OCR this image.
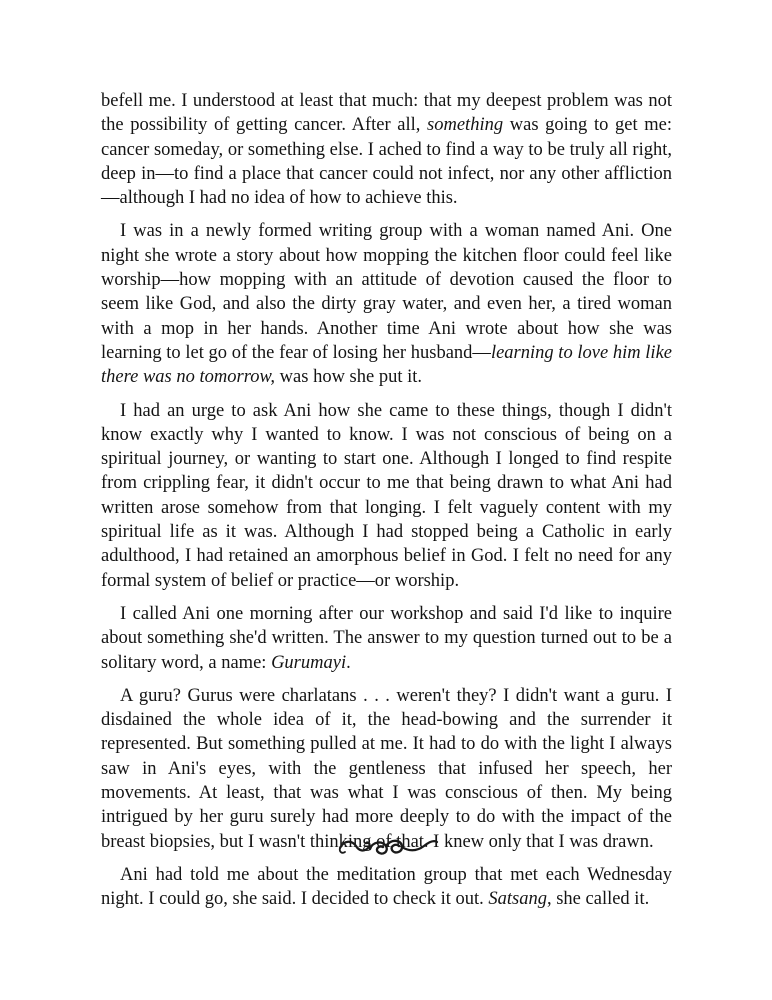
befell me. I understood at least that much: that my deepest problem was not the possibility of getting cancer. After all, something was going to get me: cancer someday, or something else. I ached to find a way to be truly all right, deep in—to find a place that cancer could not infect, nor any other affliction—although I had no idea of how to achieve this.

I was in a newly formed writing group with a woman named Ani. One night she wrote a story about how mopping the kitchen floor could feel like worship—how mopping with an attitude of devotion caused the floor to seem like God, and also the dirty gray water, and even her, a tired woman with a mop in her hands. Another time Ani wrote about how she was learning to let go of the fear of losing her husband—learning to love him like there was no tomorrow, was how she put it.

I had an urge to ask Ani how she came to these things, though I didn't know exactly why I wanted to know. I was not conscious of being on a spiritual journey, or wanting to start one. Although I longed to find respite from crippling fear, it didn't occur to me that being drawn to what Ani had written arose somehow from that longing. I felt vaguely content with my spiritual life as it was. Although I had stopped being a Catholic in early adulthood, I had retained an amorphous belief in God. I felt no need for any formal system of belief or practice—or worship.

I called Ani one morning after our workshop and said I'd like to inquire about something she'd written. The answer to my question turned out to be a solitary word, a name: Gurumayi.

A guru? Gurus were charlatans . . . weren't they? I didn't want a guru. I disdained the whole idea of it, the head-bowing and the surrender it represented. But something pulled at me. It had to do with the light I always saw in Ani's eyes, with the gentleness that infused her speech, her movements. At least, that was what I was conscious of then. My being intrigued by her guru surely had more deeply to do with the impact of the breast biopsies, but I wasn't thinking of that. I knew only that I was drawn.

Ani had told me about the meditation group that met each Wednesday night. I could go, she said. I decided to check it out. Satsang, she called it.
